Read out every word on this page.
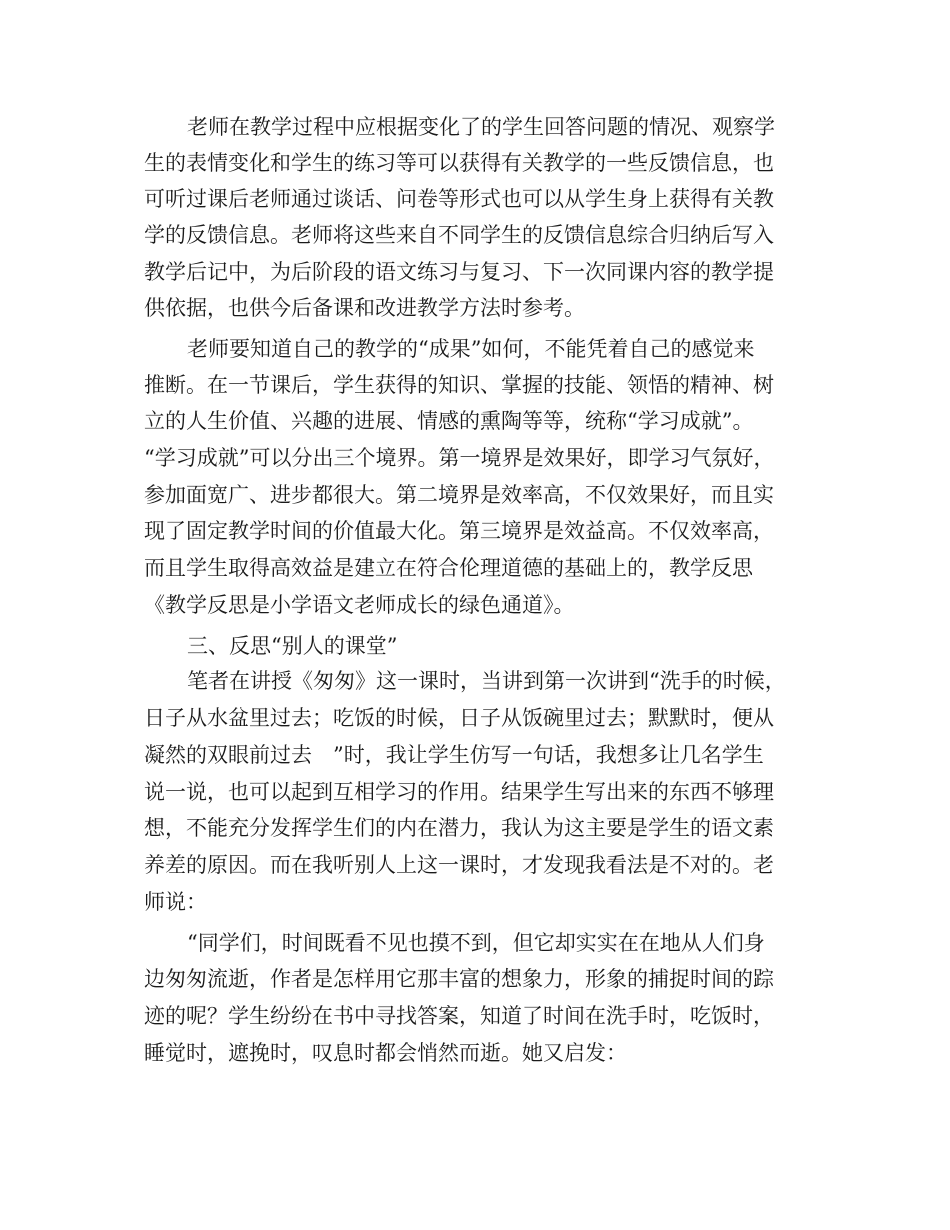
老师在教学过程中应根据变化了的学生回答问题的情况、观察学
生的表情变化和学生的练习等可以获得有关教学的一些反馈信息，也
可听过课后老师通过谈话、问卷等形式也可以从学生身上获得有关教
学的反馈信息。老师将这些来自不同学生的反馈信息综合归纳后写入
教学后记中，为后阶段的语文练习与复习、下一次同课内容的教学提
供依据，也供今后备课和改进教学方法时参考。
老师要知道自己的教学的“成果”如何，不能凭着自己的感觉来
推断。在一节课后，学生获得的知识、掌握的技能、领悟的精神、树
立的人生价值、兴趣的进展、情感的熏陶等等，统称“学习成就”。
“学习成就”可以分出三个境界。第一境界是效果好，即学习气氛好，
参加面宽广、进步都很大。第二境界是效率高，不仅效果好，而且实
现了固定教学时间的价值最大化。第三境界是效益高。不仅效率高，
而且学生取得高效益是建立在符合伦理道德的基础上的，教学反思
《教学反思是小学语文老师成长的绿色通道》。
三、反思“别人的课堂”
笔者在讲授《匆匆》这一课时，当讲到第一次讲到“洗手的时候，
日子从水盆里过去；吃饭的时候，日子从饭碗里过去；默默时，便从
凝然的双眼前过去　”时，我让学生仿写一句话，我想多让几名学生
说一说，也可以起到互相学习的作用。结果学生写出来的东西不够理
想，不能充分发挥学生们的内在潜力，我认为这主要是学生的语文素
养差的原因。而在我听别人上这一课时，才发现我看法是不对的。老
师说：
“同学们，时间既看不见也摸不到，但它却实实在在地从人们身
边匆匆流逝，作者是怎样用它那丰富的想象力，形象的捕捉时间的踪
迹的呢？学生纷纷在书中寻找答案，知道了时间在洗手时，吃饭时，
睡觉时，遮挽时，叹息时都会悄然而逝。她又启发：
